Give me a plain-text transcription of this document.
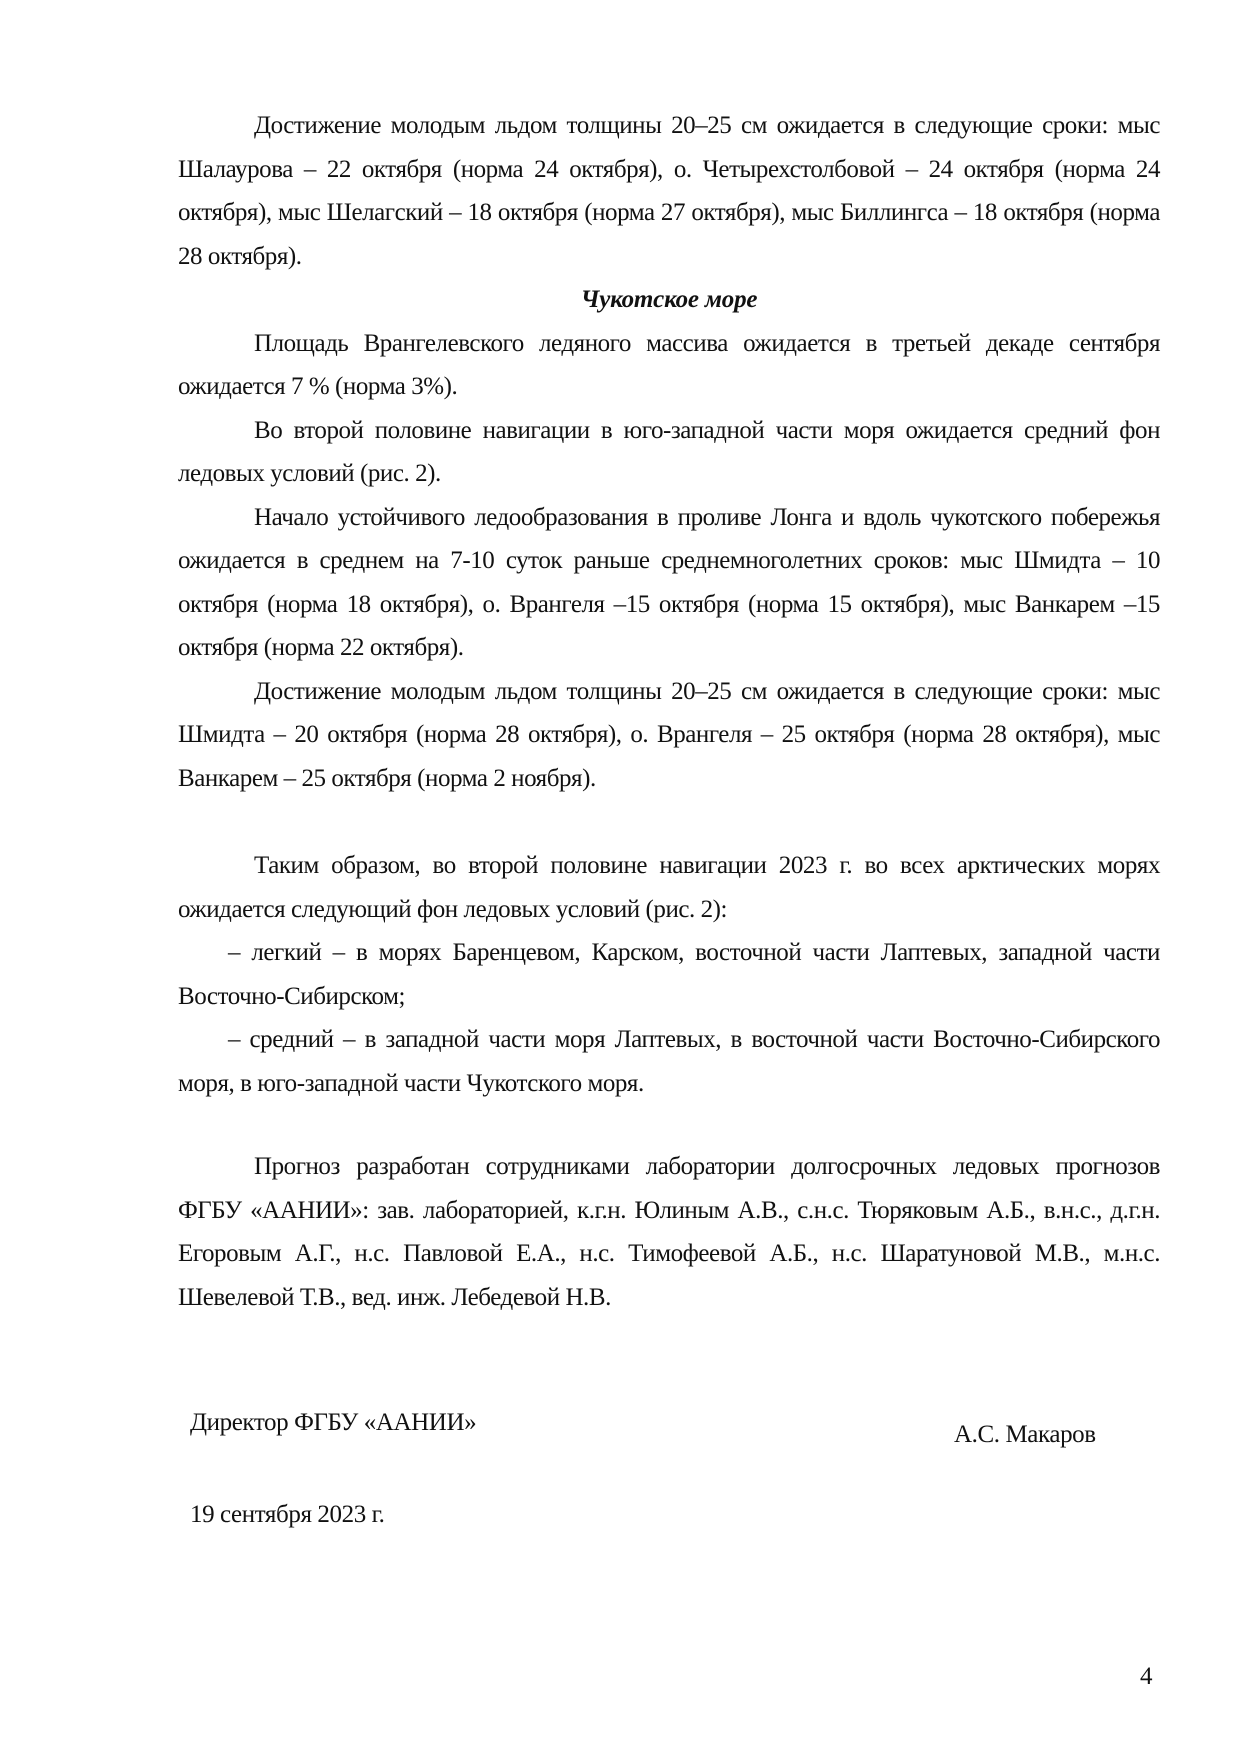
Достижение молодым льдом толщины 20–25 см ожидается в следующие сроки: мыс Шалаурова – 22 октября (норма 24 октября), о. Четырехстолбовой – 24 октября (норма 24 октября), мыс Шелагский – 18 октября (норма 27 октября), мыс Биллингса – 18 октября (норма 28 октября).

Чукотское море

Площадь Врангелевского ледяного массива ожидается в третьей декаде сентября ожидается 7 % (норма 3%).

Во второй половине навигации в юго-западной части моря ожидается средний фон ледовых условий (рис. 2).

Начало устойчивого ледообразования в проливе Лонга и вдоль чукотского побережья ожидается в среднем на 7-10 суток раньше среднемноголетних сроков: мыс Шмидта – 10 октября (норма 18 октября), о. Врангеля –15 октября (норма 15 октября), мыс Ванкарем –15 октября (норма 22 октября).

Достижение молодым льдом толщины 20–25 см ожидается в следующие сроки: мыс Шмидта – 20 октября (норма 28 октября), о. Врангеля – 25 октября (норма 28 октября), мыс Ванкарем – 25 октября (норма 2 ноября).

Таким образом, во второй половине навигации 2023 г. во всех арктических морях ожидается следующий фон ледовых условий (рис. 2):

– легкий – в морях Баренцевом, Карском, восточной части Лаптевых, западной части Восточно-Сибирском;

– средний – в западной части моря Лаптевых, в восточной части Восточно-Сибирского моря, в юго-западной части Чукотского моря.

Прогноз разработан сотрудниками лаборатории долгосрочных ледовых прогнозов ФГБУ «ААНИИ»: зав. лабораторией, к.г.н. Юлиным А.В., с.н.с. Тюряковым А.Б., в.н.с., д.г.н. Егоровым А.Г., н.с. Павловой Е.А., н.с. Тимофеевой А.Б., н.с. Шаратуновой М.В., м.н.с. Шевелевой Т.В., вед. инж. Лебедевой Н.В.

Директор ФГБУ «ААНИИ»	А.С. Макаров
19 сентября 2023 г.
4
